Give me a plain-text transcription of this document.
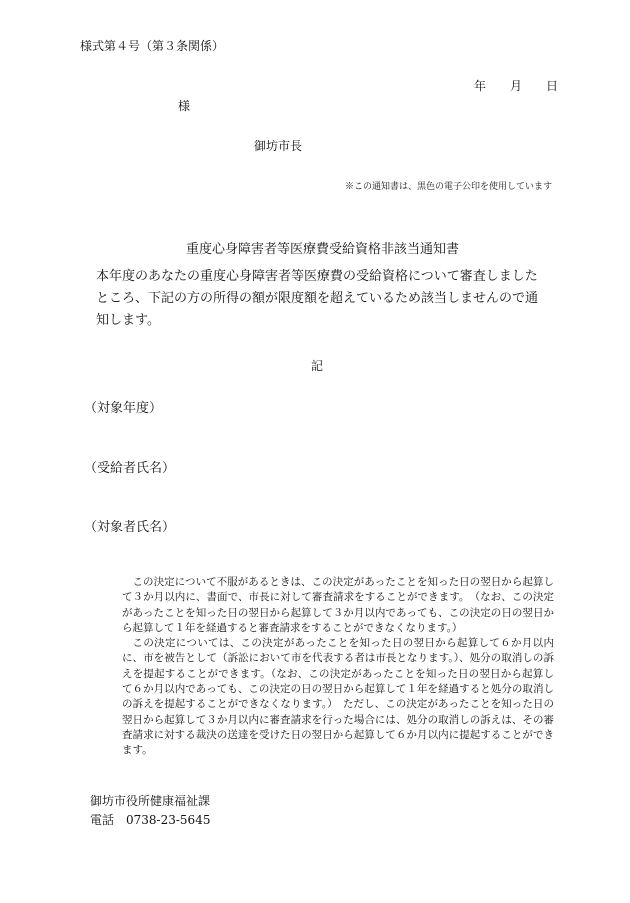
様式第４号（第３条関係）
年 月 日
様
御坊市長
※この通知書は、黒色の電子公印を使用しています
重度心身障害者等医療費受給資格非該当通知書
本年度のあなたの重度心身障害者等医療費の受給資格について審査しましたところ、下記の方の所得の額が限度額を超えているため該当しませんので通知します。
記
（対象年度）
（受給者氏名）
（対象者氏名）

この決定について不服があるときは、この決定があったことを知った日の翌日から起算して３か月以内に、書面で、市長に対して審査請求をすることができます。　（なお、この決定があったことを知った日の翌日から起算して３か月以内であっても、この決定の日の翌日から起算して１年を経過すると審査請求をすることができなくなります。）

この決定については、この決定があったことを知った日の翌日から起算して６か月以内に、市を被告として（訴訟において市を代表する者は市長となります。）、処分の取消しの訴えを提起することができます。（なお、この決定があったことを知った日の翌日から起算して６か月以内であっても、この決定の日の翌日から起算して１年を経過すると処分の取消しの訴えを提起することができなくなります。）　ただし、この決定があったことを知った日の翌日から起算して３か月以内に審査請求を行った場合には、処分の取消しの訴えは、その審査請求に対する裁決の送達を受けた日の翌日から起算して６か月以内に提起することができます。

御坊市役所健康福祉課
電話　0738-23-5645
